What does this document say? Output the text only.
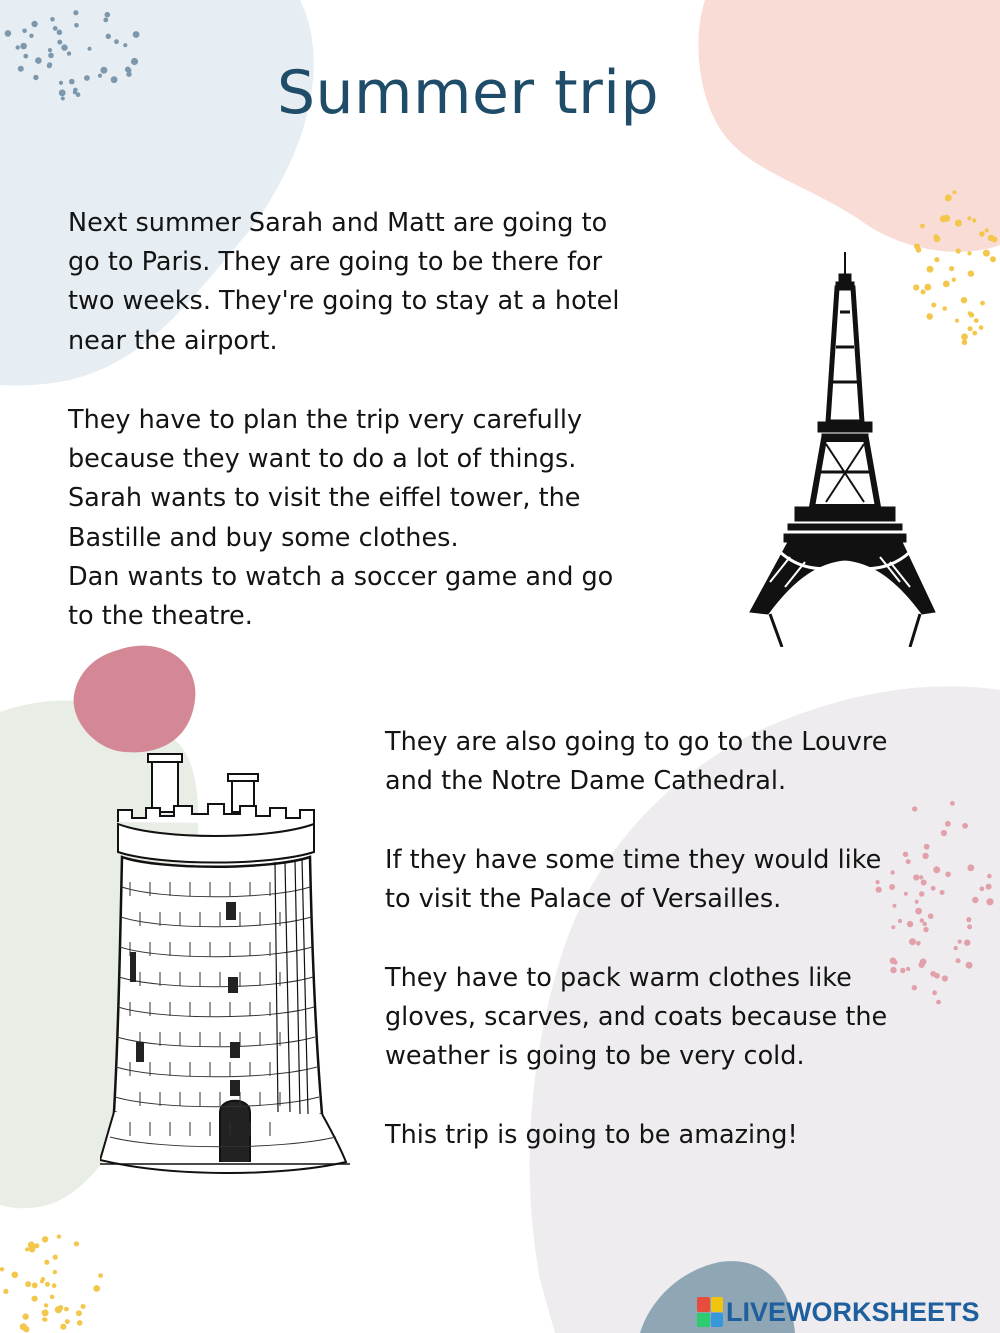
Summer trip

Next summer Sarah and Matt are going to
go to Paris. They are going to be there for
two weeks. They're going to stay at a hotel
near the airport.

They have to plan the trip very carefully
because they want to do a lot of things.
Sarah wants to visit the eiffel tower, the
Bastille and buy some clothes.
Dan wants to watch a soccer game and go
to the theatre.

They are also going to go to the Louvre
and the Notre Dame Cathedral.

If they have some time they would like
to visit the Palace of Versailles.

They have to pack warm clothes like
gloves, scarves, and coats because the
weather is going to be very cold.

This trip is going to be amazing!

LIVEWORKSHEETS
